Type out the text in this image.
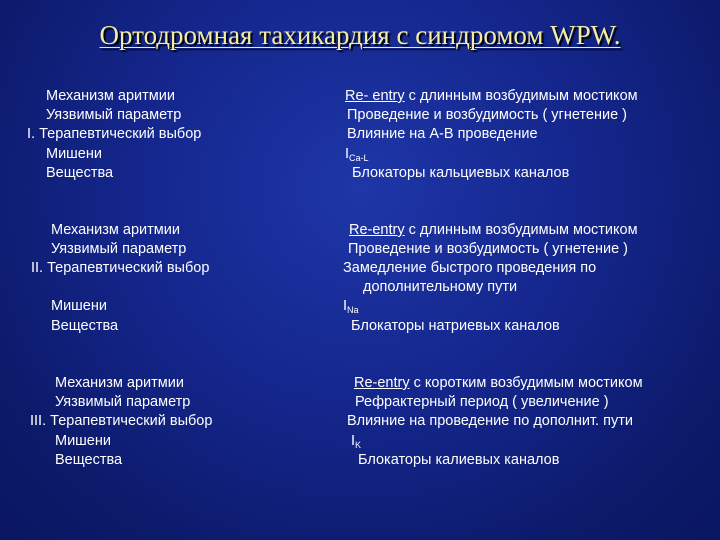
Ортодромная тахикардия с синдромом WPW.
Механизм аритмии
Уязвимый параметр
I. Терапевтический выбор
Мишени
Вещества
Re- entry с длинным возбудимым мостиком
Проведение и возбудимость ( угнетение )
Влияние на А-В проведение
$I_{Ca-L}$
Блокаторы кальциевых каналов
Механизм аритмии
Уязвимый параметр
II. Терапевтический выбор
Мишени
Вещества
Re-entry с длинным возбудимым мостиком
Проведение и возбудимость ( угнетение )
Замедление быстрого проведения по
дополнительному пути
$I_{Na}$
Блокаторы натриевых каналов
Механизм аритмии
Уязвимый параметр
III. Терапевтический выбор
Мишени
Вещества
Re-entry с коротким возбудимым мостиком
Рефрактерный период ( увеличение )
Влияние на проведение по дополнит. пути
$I_K$
Блокаторы калиевых каналов
